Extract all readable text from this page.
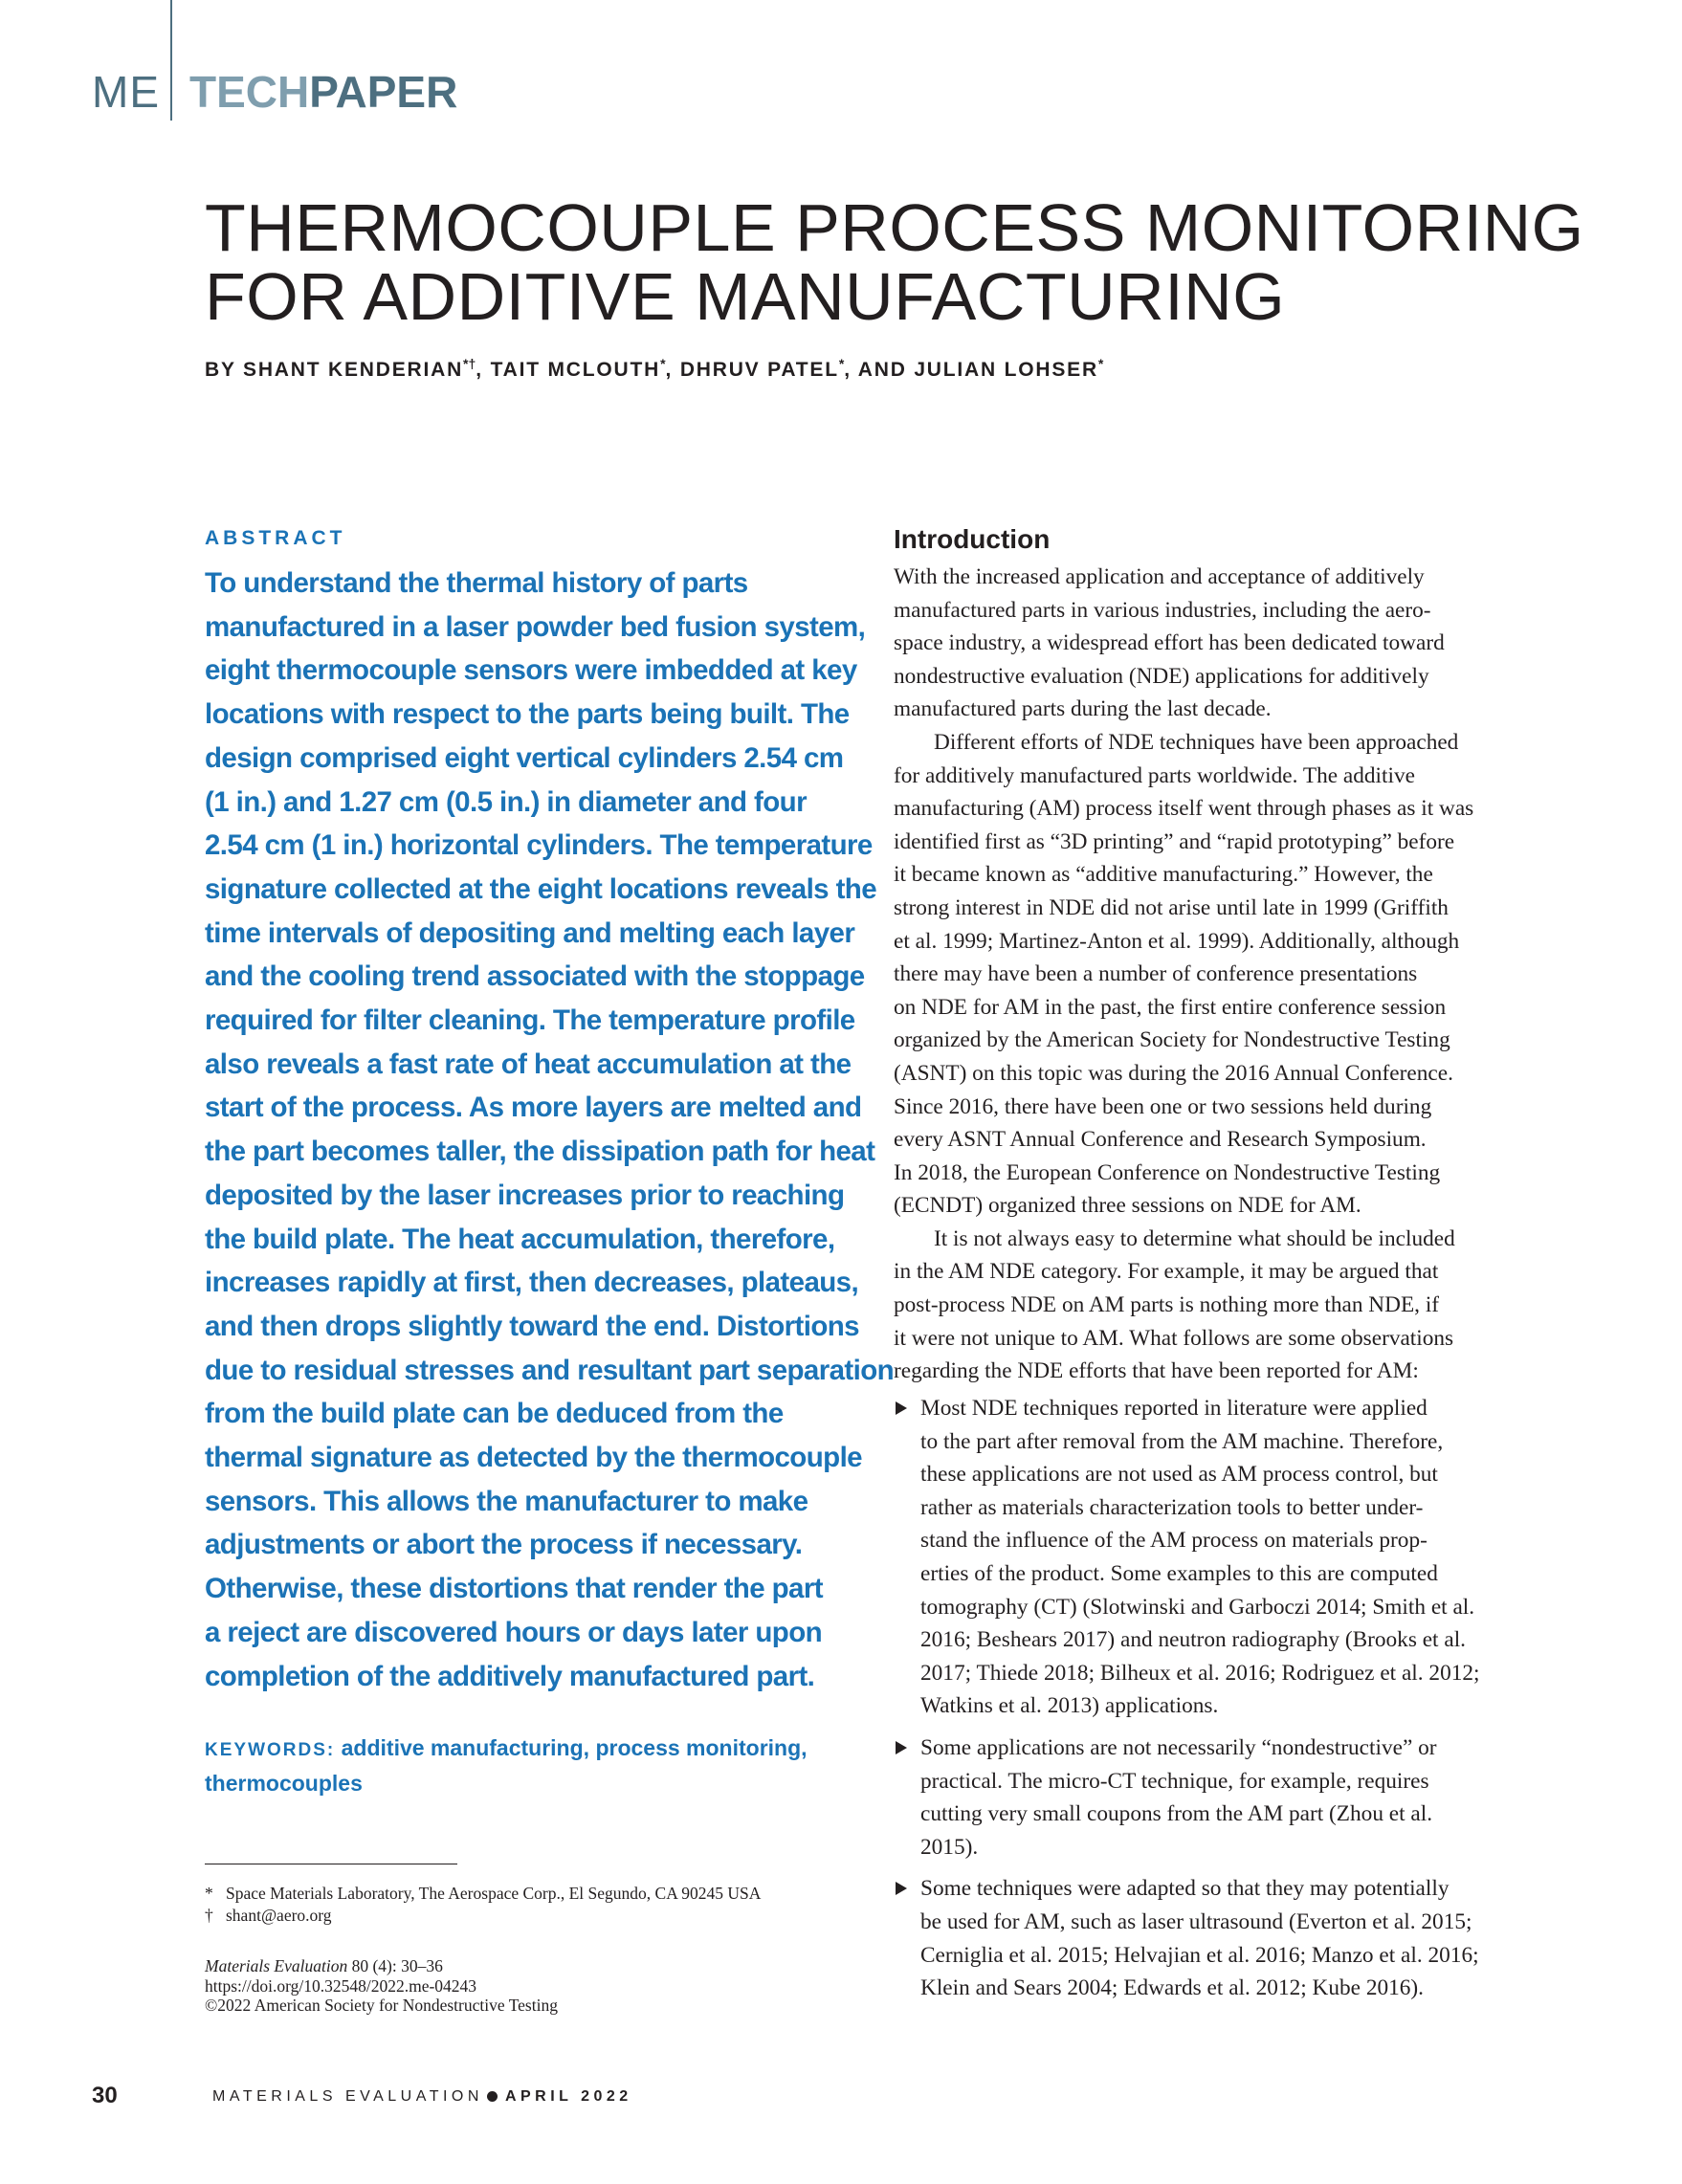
ME TECHPAPER
THERMOCOUPLE PROCESS MONITORING
FOR ADDITIVE MANUFACTURING
BY SHANT KENDERIAN*†, TAIT MCLOUTH*, DHRUV PATEL*, AND JULIAN LOHSER*
ABSTRACT
To understand the thermal history of parts
manufactured in a laser powder bed fusion system,
eight thermocouple sensors were imbedded at key
locations with respect to the parts being built. The
design comprised eight vertical cylinders 2.54 cm
(1 in.) and 1.27 cm (0.5 in.) in diameter and four
2.54 cm (1 in.) horizontal cylinders. The temperature
signature collected at the eight locations reveals the
time intervals of depositing and melting each layer
and the cooling trend associated with the stoppage
required for filter cleaning. The temperature profile
also reveals a fast rate of heat accumulation at the
start of the process. As more layers are melted and
the part becomes taller, the dissipation path for heat
deposited by the laser increases prior to reaching
the build plate. The heat accumulation, therefore,
increases rapidly at first, then decreases, plateaus,
and then drops slightly toward the end. Distortions
due to residual stresses and resultant part separation
from the build plate can be deduced from the
thermal signature as detected by the thermocouple
sensors. This allows the manufacturer to make
adjustments or abort the process if necessary.
Otherwise, these distortions that render the part
a reject are discovered hours or days later upon
completion of the additively manufactured part.
KEYWORDS: additive manufacturing, process monitoring, thermocouples
* Space Materials Laboratory, The Aerospace Corp., El Segundo, CA 90245 USA
† shant@aero.org
Materials Evaluation 80 (4): 30–36
https://doi.org/10.32548/2022.me-04243
©2022 American Society for Nondestructive Testing
Introduction
With the increased application and acceptance of additively
manufactured parts in various industries, including the aero-
space industry, a widespread effort has been dedicated toward
nondestructive evaluation (NDE) applications for additively
manufactured parts during the last decade.
Different efforts of NDE techniques have been approached
for additively manufactured parts worldwide. The additive
manufacturing (AM) process itself went through phases as it was
identified first as “3D printing” and “rapid prototyping” before
it became known as “additive manufacturing.” However, the
strong interest in NDE did not arise until late in 1999 (Griffith
et al. 1999; Martinez-Anton et al. 1999). Additionally, although
there may have been a number of conference presentations
on NDE for AM in the past, the first entire conference session
organized by the American Society for Nondestructive Testing
(ASNT) on this topic was during the 2016 Annual Conference.
Since 2016, there have been one or two sessions held during
every ASNT Annual Conference and Research Symposium.
In 2018, the European Conference on Nondestructive Testing
(ECNDT) organized three sessions on NDE for AM.
It is not always easy to determine what should be included
in the AM NDE category. For example, it may be argued that
post-process NDE on AM parts is nothing more than NDE, if
it were not unique to AM. What follows are some observations
regarding the NDE efforts that have been reported for AM:
Most NDE techniques reported in literature were applied
to the part after removal from the AM machine. Therefore,
these applications are not used as AM process control, but
rather as materials characterization tools to better under-
stand the influence of the AM process on materials prop-
erties of the product. Some examples to this are computed
tomography (CT) (Slotwinski and Garboczi 2014; Smith et al.
2016; Beshears 2017) and neutron radiography (Brooks et al.
2017; Thiede 2018; Bilheux et al. 2016; Rodriguez et al. 2012;
Watkins et al. 2013) applications.
Some applications are not necessarily “nondestructive” or
practical. The micro-CT technique, for example, requires
cutting very small coupons from the AM part (Zhou et al.
2015).
Some techniques were adapted so that they may potentially
be used for AM, such as laser ultrasound (Everton et al. 2015;
Cerniglia et al. 2015; Helvajian et al. 2016; Manzo et al. 2016;
Klein and Sears 2004; Edwards et al. 2012; Kube 2016).
30	MATERIALS EVALUATION APRIL 2022
